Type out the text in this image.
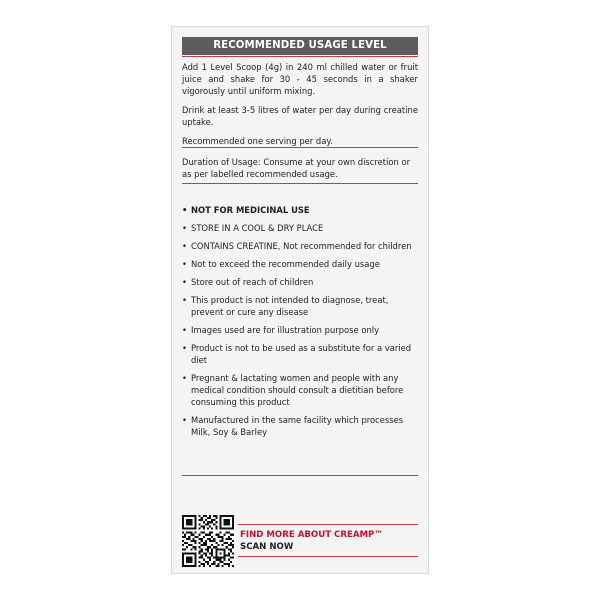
RECOMMENDED USAGE LEVEL

Add 1 Level Scoop (4g) in 240 ml chilled water or fruit juice and shake for 30 - 45 seconds in a shaker vigorously until uniform mixing.

Drink at least 3-5 litres of water per day during creatine uptake.

Recommended one serving per day.

Duration of Usage: Consume at your own discretion or as per labelled recommended usage.
• NOT FOR MEDICINAL USE
• STORE IN A COOL & DRY PLACE
• CONTAINS CREATINE, Not recommended for children
• Not to exceed the recommended daily usage
• Store out of reach of children
• This product is not intended to diagnose, treat, prevent or cure any disease
• Images used are for illustration purpose only
• Product is not to be used as a substitute for a varied diet
• Pregnant & lactating women and people with any medical condition should consult a dietitian before consuming this product
• Manufactured in the same facility which processes Milk, Soy & Barley
FIND MORE ABOUT CREAMP™
SCAN NOW
